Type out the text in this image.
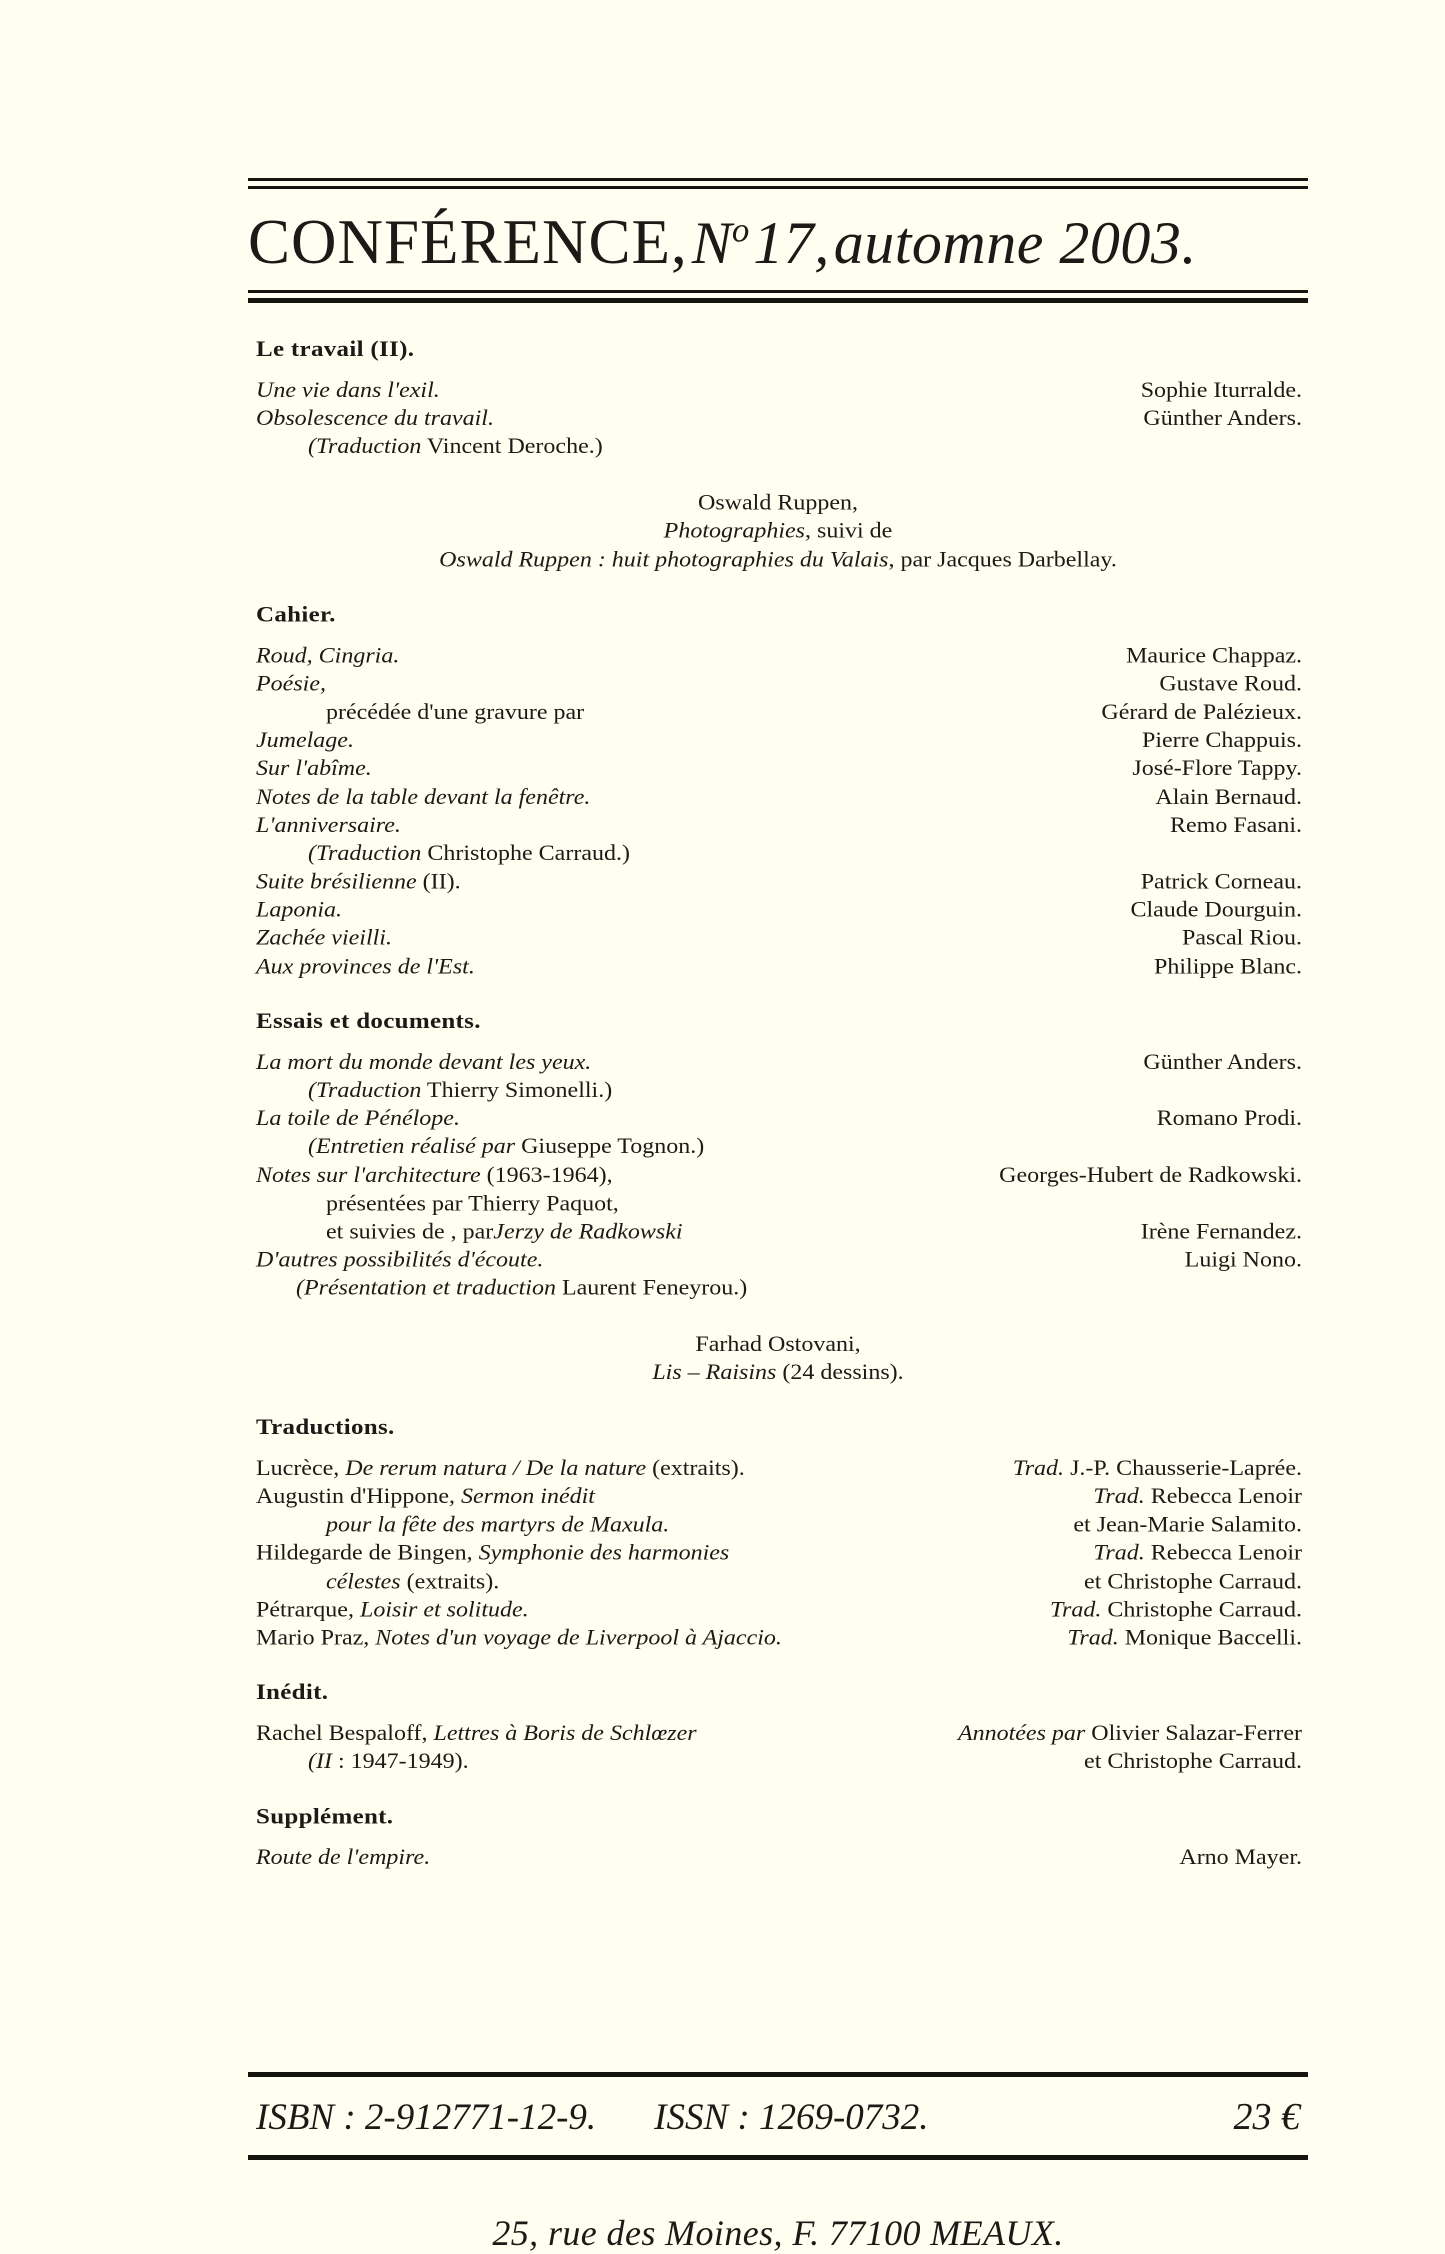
CONFÉRENCE, $N^o$ 17, automne 2003.
Le travail (II).
Une vie dans l'exil.	Sophie Iturralde.
Obsolescence du travail.	Günther Anders.
(Traduction Vincent Deroche.)
Oswald Ruppen,
Photographies, suivi de
Oswald Ruppen : huit photographies du Valais, par Jacques Darbellay.
Cahier.
Roud, Cingria.	Maurice Chappaz.
Poésie,	Gustave Roud.
précédée d'une gravure par	Gérard de Palézieux.
Jumelage.	Pierre Chappuis.
Sur l'abîme.	José-Flore Tappy.
Notes de la table devant la fenêtre.	Alain Bernaud.
L'anniversaire.	Remo Fasani.
(Traduction Christophe Carraud.)
Suite brésilienne (II).	Patrick Corneau.
Laponia.	Claude Dourguin.
Zachée vieilli.	Pascal Riou.
Aux provinces de l'Est.	Philippe Blanc.
Essais et documents.
La mort du monde devant les yeux.	Günther Anders.
(Traduction Thierry Simonelli.)
La toile de Pénélope.	Romano Prodi.
(Entretien réalisé par Giuseppe Tognon.)
Notes sur l'architecture (1963-1964),	Georges-Hubert de Radkowski.
présentées par Thierry Paquot,
et suivies de , parJerzy de Radkowski	Irène Fernandez.
D'autres possibilités d'écoute.	Luigi Nono.
(Présentation et traduction Laurent Feneyrou.)
Farhad Ostovani,
Lis – Raisins (24 dessins).
Traductions.
Lucrèce, De rerum natura / De la nature (extraits).	Trad. J.-P. Chausserie-Laprée.
Augustin d'Hippone, Sermon inédit	Trad. Rebecca Lenoir
pour la fête des martyrs de Maxula.	et Jean-Marie Salamito.
Hildegarde de Bingen, Symphonie des harmonies	Trad. Rebecca Lenoir
célestes (extraits).	et Christophe Carraud.
Pétrarque, Loisir et solitude.	Trad. Christophe Carraud.
Mario Praz, Notes d'un voyage de Liverpool à Ajaccio.	Trad. Monique Baccelli.
Inédit.
Rachel Bespaloff, Lettres à Boris de Schlœzer	Annotées par Olivier Salazar-Ferrer
(II : 1947-1949).	et Christophe Carraud.
Supplément.
Route de l'empire.	Arno Mayer.
ISBN : 2-912771-12-9. ISSN : 1269-0732.	23 €
25, rue des Moines, F. 77100 MEAUX.
